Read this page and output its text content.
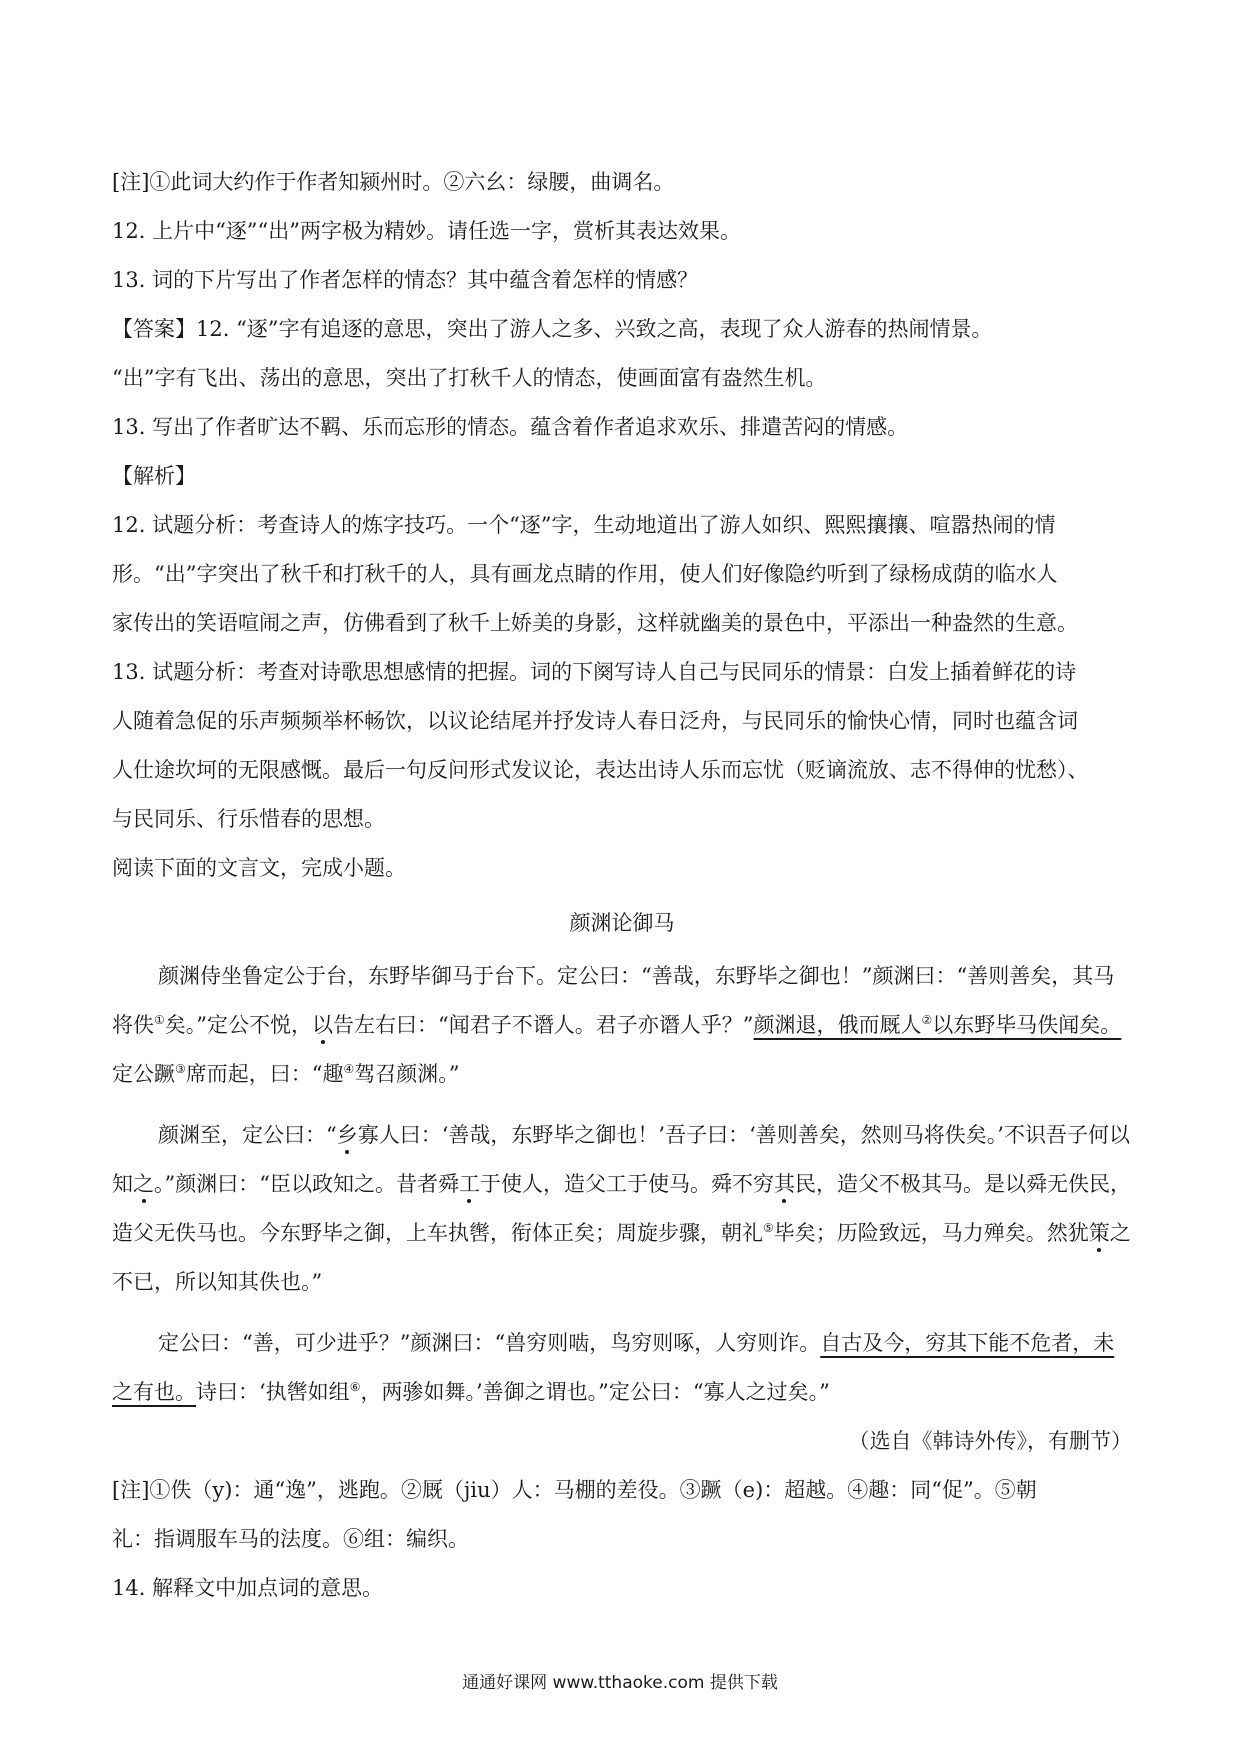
[注]①此词大约作于作者知颍州时。②六幺：绿腰，曲调名。
12. 上片中“逐”“出”两字极为精妙。请任选一字，赏析其表达效果。
13. 词的下片写出了作者怎样的情态？其中蕴含着怎样的情感？
【答案】12. “逐”字有追逐的意思，突出了游人之多、兴致之高，表现了众人游春的热闹情景。
“出”字有飞出、荡出的意思，突出了打秋千人的情态，使画面富有盎然生机。
13. 写出了作者旷达不羁、乐而忘形的情态。蕴含着作者追求欢乐、排遣苦闷的情感。
【解析】
12. 试题分析：考查诗人的炼字技巧。一个“逐”字，生动地道出了游人如织、熙熙攘攘、喧嚣热闹的情
形。“出”字突出了秋千和打秋千的人，具有画龙点睛的作用，使人们好像隐约听到了绿杨成荫的临水人
家传出的笑语喧闹之声，仿佛看到了秋千上娇美的身影，这样就幽美的景色中，平添出一种盎然的生意。
13. 试题分析：考查对诗歌思想感情的把握。词的下阕写诗人自己与民同乐的情景：白发上插着鲜花的诗
人随着急促的乐声频频举杯畅饮，以议论结尾并抒发诗人春日泛舟，与民同乐的愉快心情，同时也蕴含词
人仕途坎坷的无限感慨。最后一句反问形式发议论，表达出诗人乐而忘忧（贬谪流放、志不得伸的忧愁）、
与民同乐、行乐惜春的思想。
阅读下面的文言文，完成小题。
颜渊论御马
颜渊侍坐鲁定公于台，东野毕御马于台下。定公曰：“善哉，东野毕之御也！”颜渊曰：“善则善矣，其马将佚①矣。”定公不悦，以告左右曰：“闻君子不谮人。君子亦谮人乎？”颜渊退，俄而厩人②以东野毕马佚闻矣。定公蹶③席而起，曰：“趣④驾召颜渊。”
颜渊至，定公曰：“乡寡人曰：‘善哉，东野毕之御也！’吾子曰：‘善则善矣，然则马将佚矣。’不识吾子何以知之。”颜渊曰：“臣以政知之。昔者舜工于使人，造父工于使马。舜不穷其民，造父不极其马。是以舜无佚民，造父无佚马也。今东野毕之御，上车执辔，衔体正矣；周旋步骤，朝礼⑤毕矣；历险致远，马力殚矣。然犹策之不已，所以知其佚也。”
定公曰：“善，可少进乎？”颜渊曰：“兽穷则啮，鸟穷则啄，人穷则诈。自古及今，穷其下能不危者，未之有也。诗曰：‘执辔如组⑥，两骖如舞。’善御之谓也。”定公曰：“寡人之过矣。”
（选自《韩诗外传》，有删节）
[注]①佚（y)：通“逸”，逃跑。②厩（jiu）人：马棚的差役。③蹶（e)：超越。④趣：同“促”。⑤朝
礼：指调服车马的法度。⑥组：编织。
14. 解释文中加点词的意思。
通通好课网 www.tthaoke.com 提供下载
